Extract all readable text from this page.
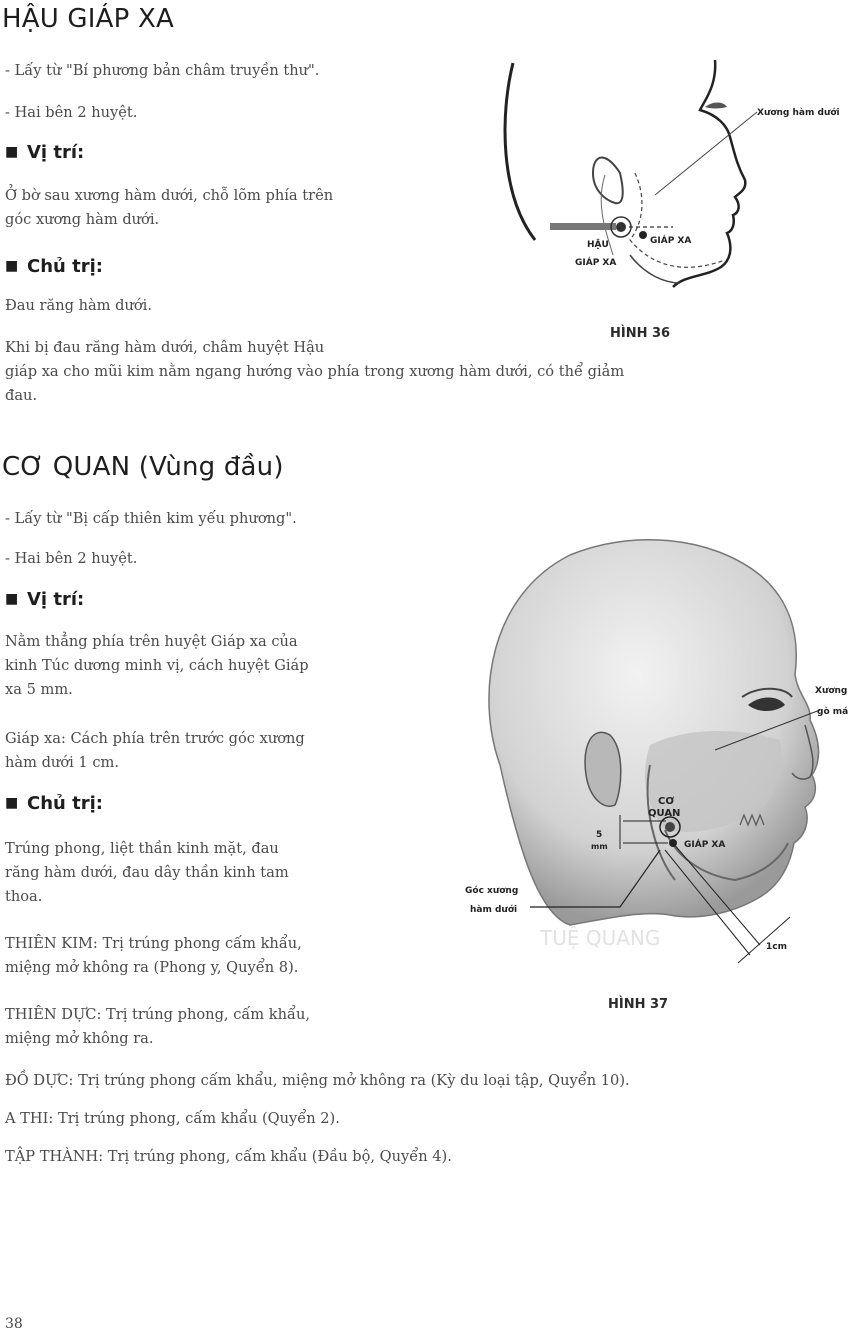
HẬU GIÁP XA

- Lấy từ "Bí phương bản châm truyền thư".

- Hai bên 2 huyệt.

■ Vị trí:

Ở bờ sau xương hàm dưới, chỗ lõm phía trên
góc xương hàm dưới.

■ Chủ trị:

Đau răng hàm dưới.

Khi bị đau răng hàm dưới, châm huyệt Hậu
giáp xa cho mũi kim nằm ngang hướng vào phía trong xương hàm dưới, có thể giảm
đau.
Xương hàm dưới
GIÁP XA
HẬU
GIÁP XA

HÌNH 36

CƠ QUAN (Vùng đầu)

- Lấy từ "Bị cấp thiên kim yếu phương".

- Hai bên 2 huyệt.

■ Vị trí:

Nằm thẳng phía trên huyệt Giáp xa của
kinh Túc dương minh vị, cách huyệt Giáp
xa 5 mm.
Giáp xa: Cách phía trên trước góc xương
hàm dưới 1 cm.

■ Chủ trị:

Trúng phong, liệt thần kinh mặt, đau
răng hàm dưới, đau dây thần kinh tam
thoa.
THIÊN KIM: Trị trúng phong cấm khẩu,
miệng mở không ra (Phong y, Quyển 8).
THIÊN DỰC: Trị trúng phong, cấm khẩu,
miệng mở không ra.

ĐỒ DỰC: Trị trúng phong cấm khẩu, miệng mở không ra (Kỳ du loại tập, Quyển 10).

A THI: Trị trúng phong, cấm khẩu (Quyển 2).

TẬP THÀNH: Trị trúng phong, cấm khẩu (Đầu bộ, Quyển 4).

Xương
gò má
CƠ
QUAN
GIÁP XA
5
mm
Góc xương
hàm dưới
1cm
TUỆ QUANG

HÌNH 37

38
